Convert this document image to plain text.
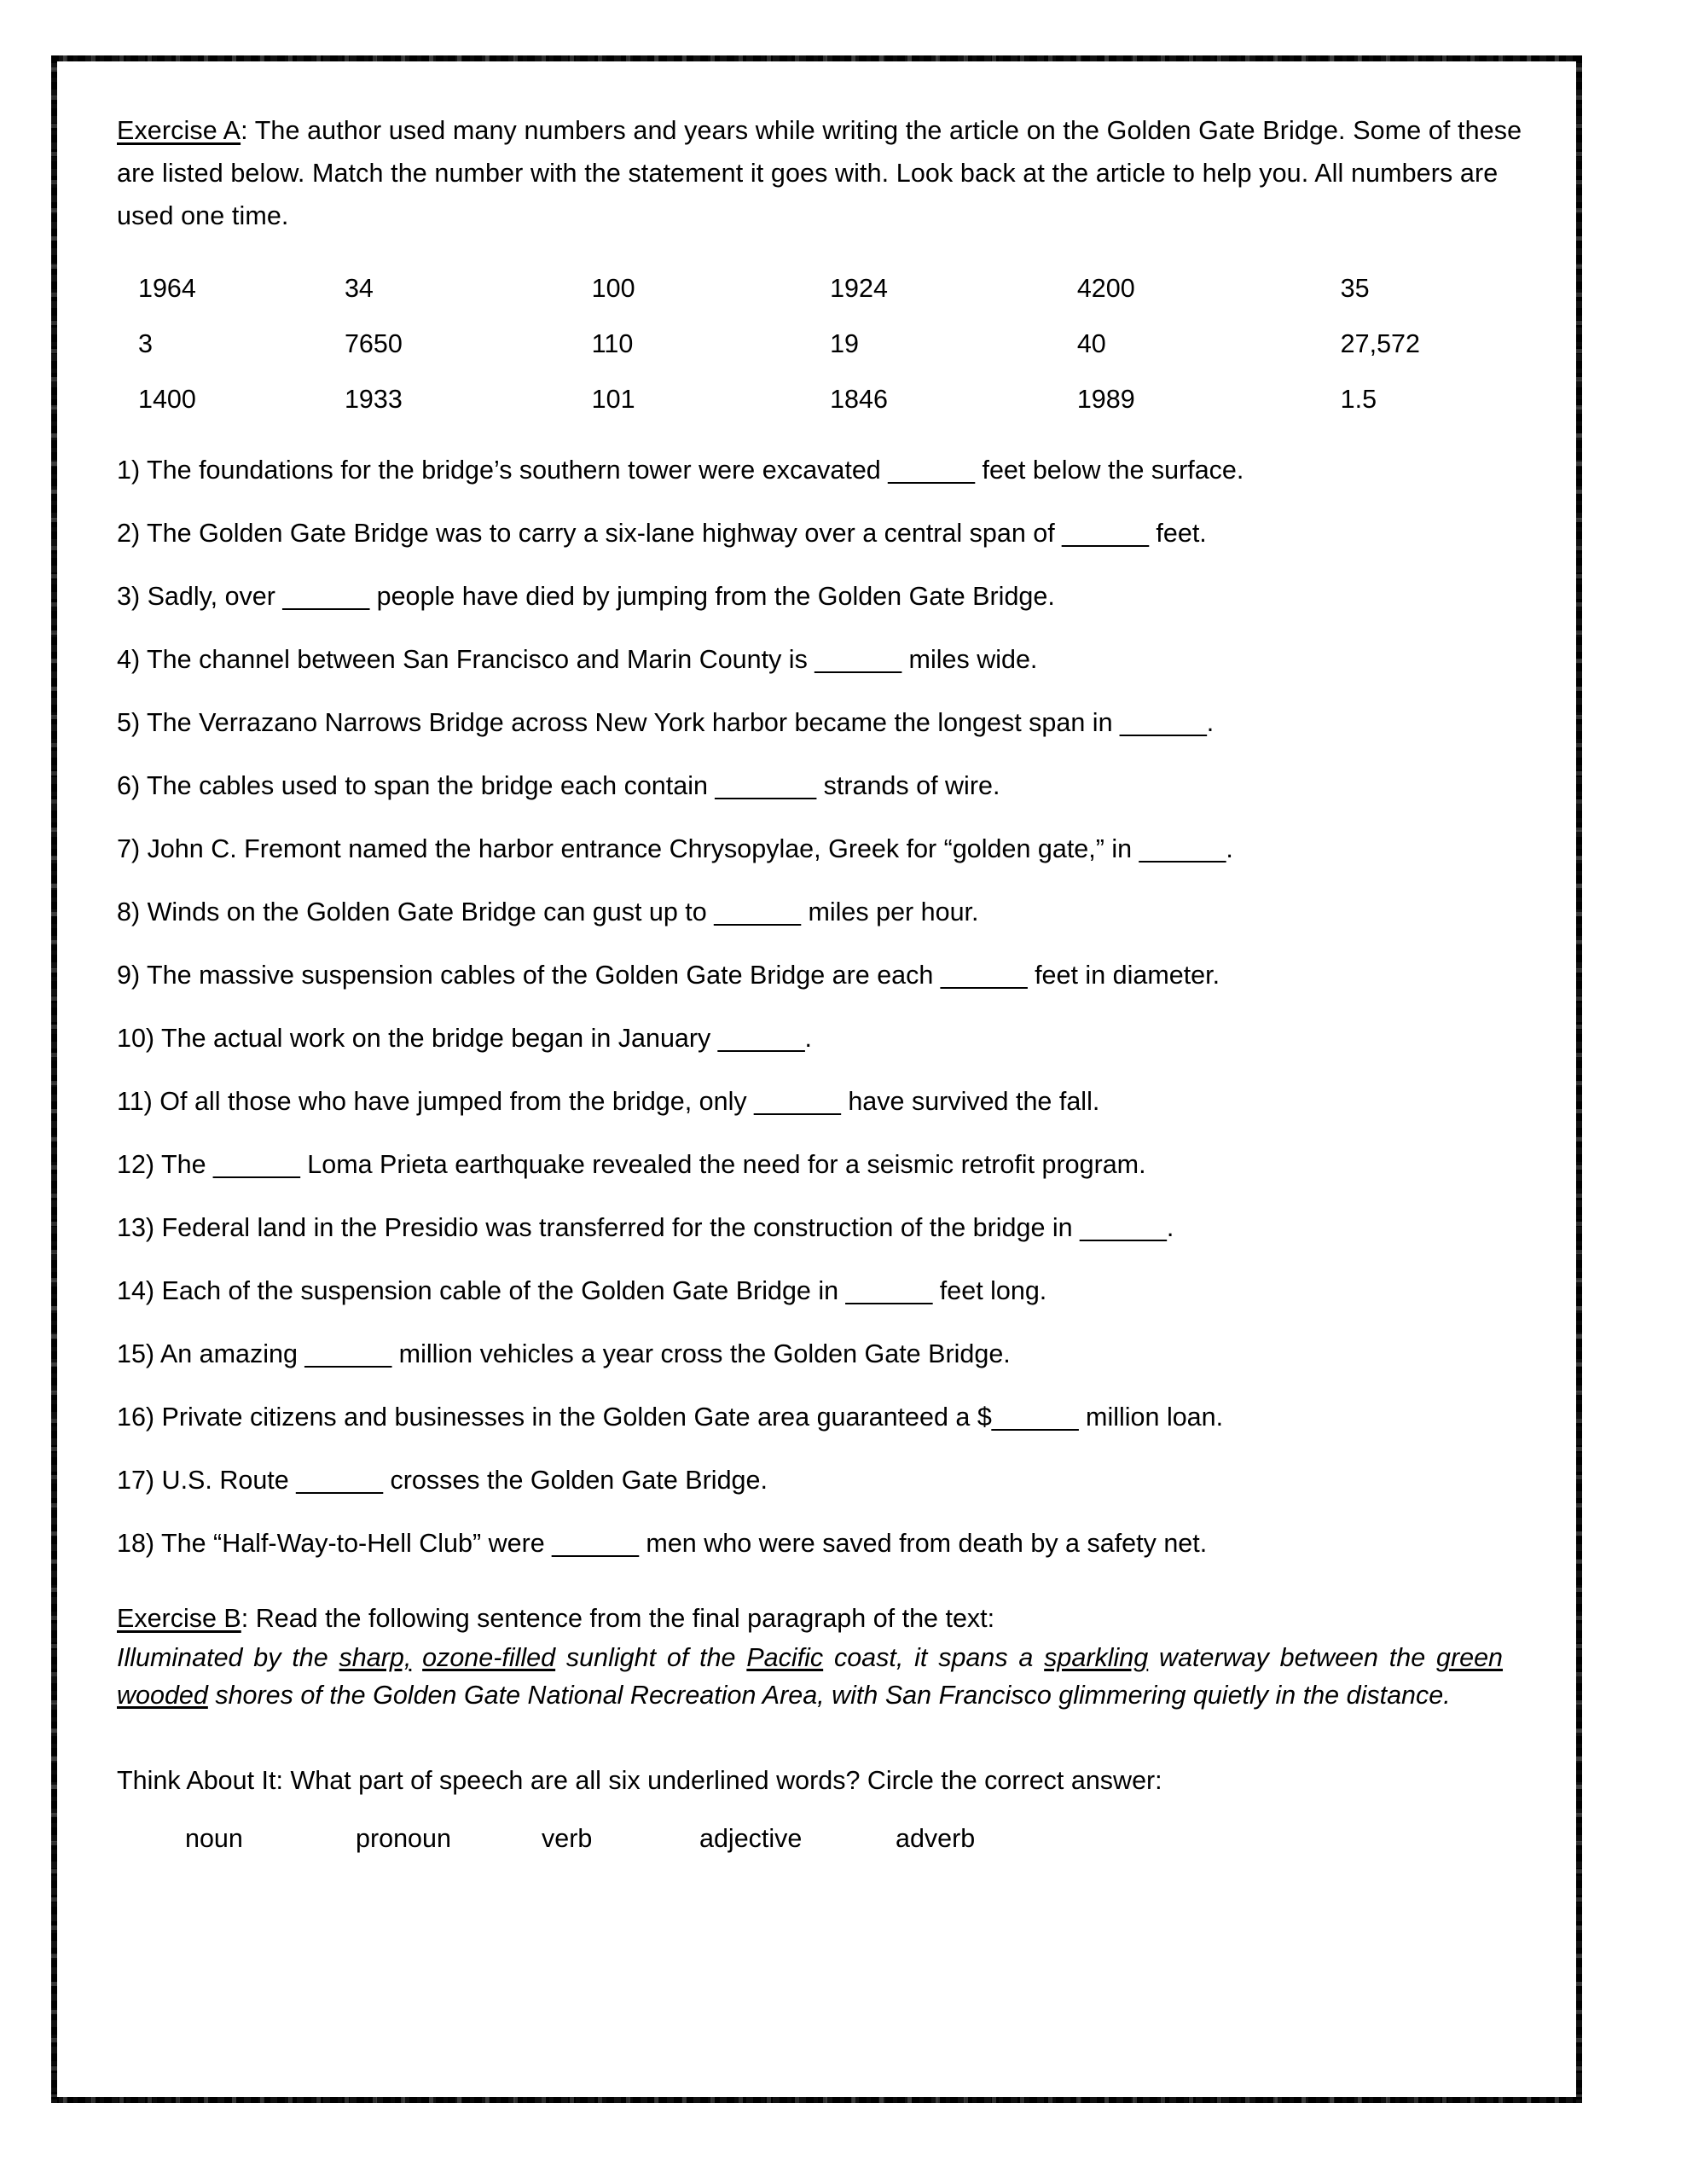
Exercise A: The author used many numbers and years while writing the article on the Golden Gate Bridge. Some of these are listed below. Match the number with the statement it goes with. Look back at the article to help you. All numbers are used one time.

1964	34	100	1924	4200	35
3	7650	110	19	40	27,572
1400	1933	101	1846	1989	1.5
1) The foundations for the bridge’s southern tower were excavated ______ feet below the surface.
2) The Golden Gate Bridge was to carry a six-lane highway over a central span of ______ feet.
3) Sadly, over ______ people have died by jumping from the Golden Gate Bridge.
4) The channel between San Francisco and Marin County is ______ miles wide.
5) The Verrazano Narrows Bridge across New York harbor became the longest span in ______.
6) The cables used to span the bridge each contain _______ strands of wire.
7) John C. Fremont named the harbor entrance Chrysopylae, Greek for “golden gate,” in ______.
8) Winds on the Golden Gate Bridge can gust up to ______ miles per hour.
9) The massive suspension cables of the Golden Gate Bridge are each ______ feet in diameter.
10) The actual work on the bridge began in January ______.
11) Of all those who have jumped from the bridge, only ______ have survived the fall.
12) The ______ Loma Prieta earthquake revealed the need for a seismic retrofit program.
13) Federal land in the Presidio was transferred for the construction of the bridge in ______.
14) Each of the suspension cable of the Golden Gate Bridge in ______ feet long.
15) An amazing ______ million vehicles a year cross the Golden Gate Bridge.
16) Private citizens and businesses in the Golden Gate area guaranteed a $______ million loan.
17) U.S. Route ______ crosses the Golden Gate Bridge.
18) The “Half-Way-to-Hell Club” were ______ men who were saved from death by a safety net.
Exercise B: Read the following sentence from the final paragraph of the text:
Illuminated by the sharp, ozone-filled sunlight of the Pacific coast, it spans a sparkling waterway between the green wooded shores of the Golden Gate National Recreation Area, with San Francisco glimmering quietly in the distance.
Think About It: What part of speech are all six underlined words? Circle the correct answer:
noun	pronoun	verb	adjective	adverb
